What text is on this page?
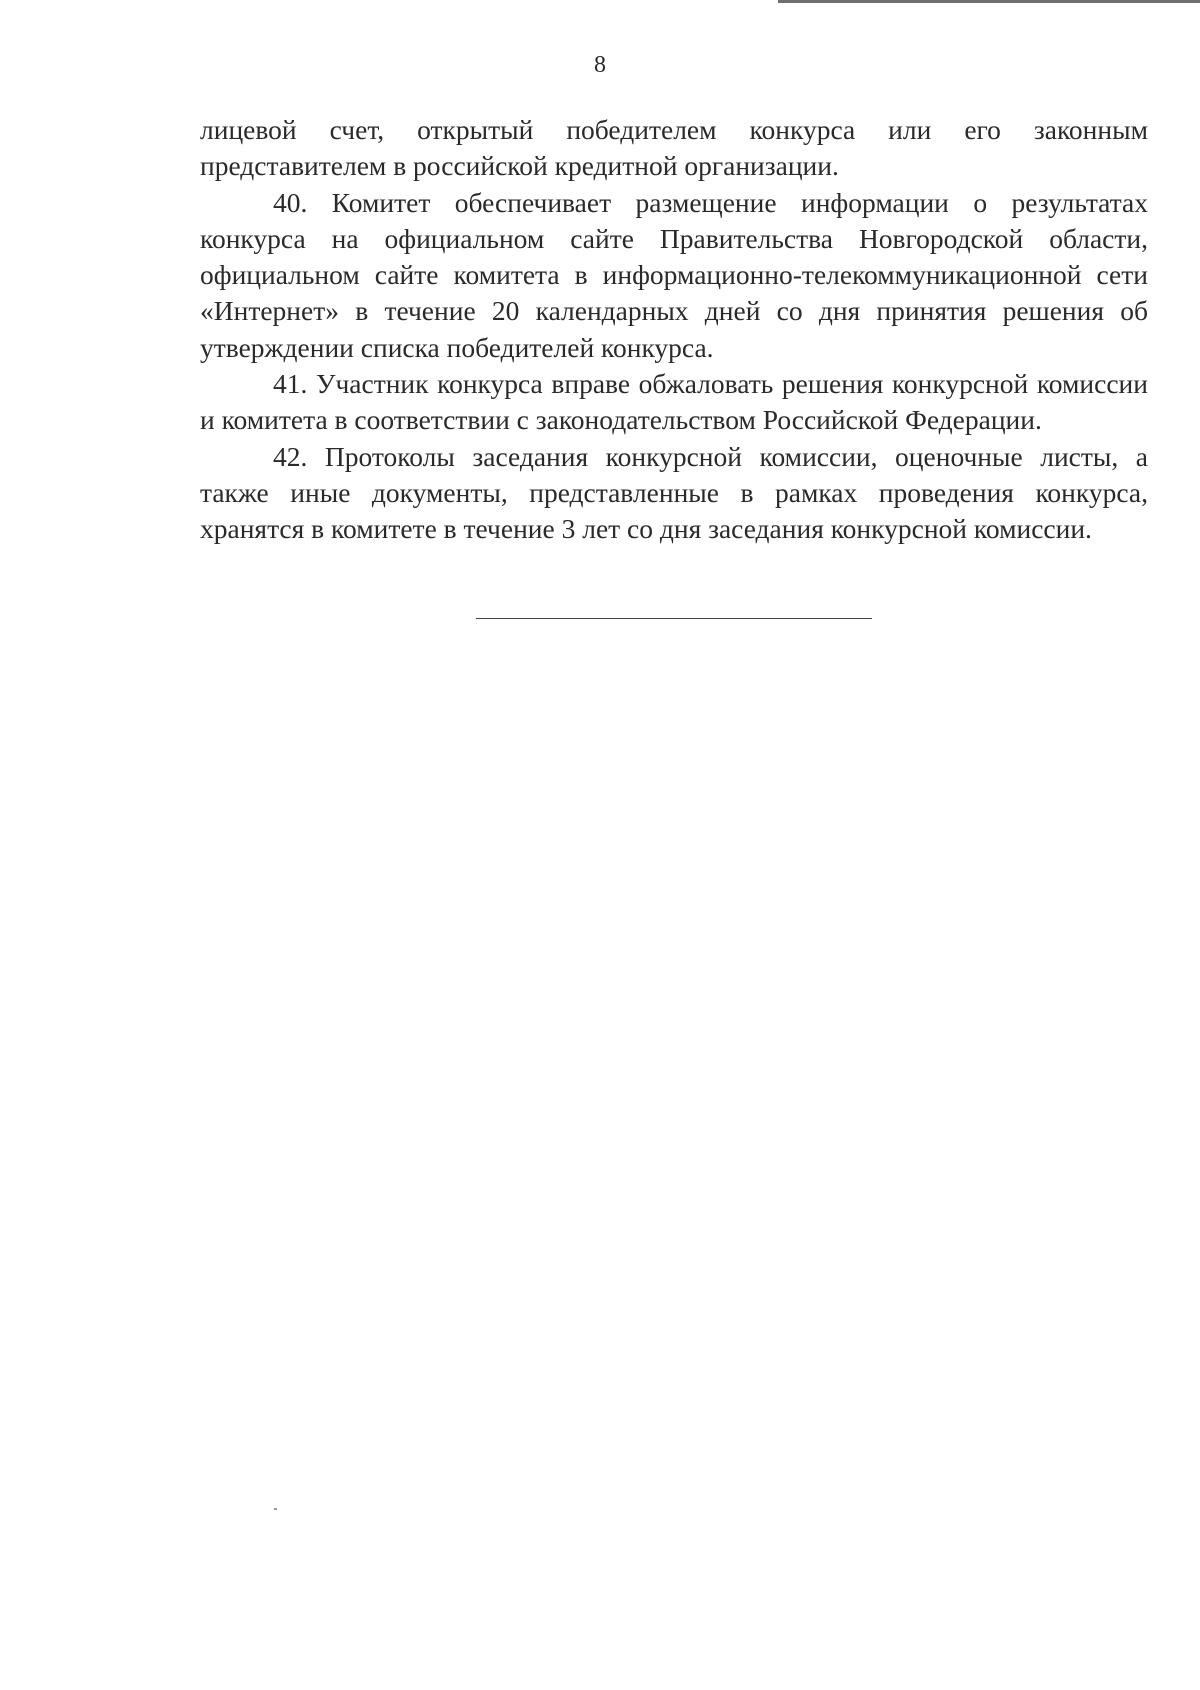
8

лицевой счет, открытый победителем конкурса или его законным представителем в российской кредитной организации.

40. Комитет обеспечивает размещение информации о результатах конкурса на официальном сайте Правительства Новгородской области, официальном сайте комитета в информационно-телекоммуникационной сети «Интернет» в течение 20 календарных дней со дня принятия решения об утверждении списка победителей конкурса.

41. Участник конкурса вправе обжаловать решения конкурсной комиссии и комитета в соответствии с законодательством Российской Федерации.

42. Протоколы заседания конкурсной комиссии, оценочные листы, а также иные документы, представленные в рамках проведения конкурса, хранятся в комитете в течение 3 лет со дня заседания конкурсной комиссии.
